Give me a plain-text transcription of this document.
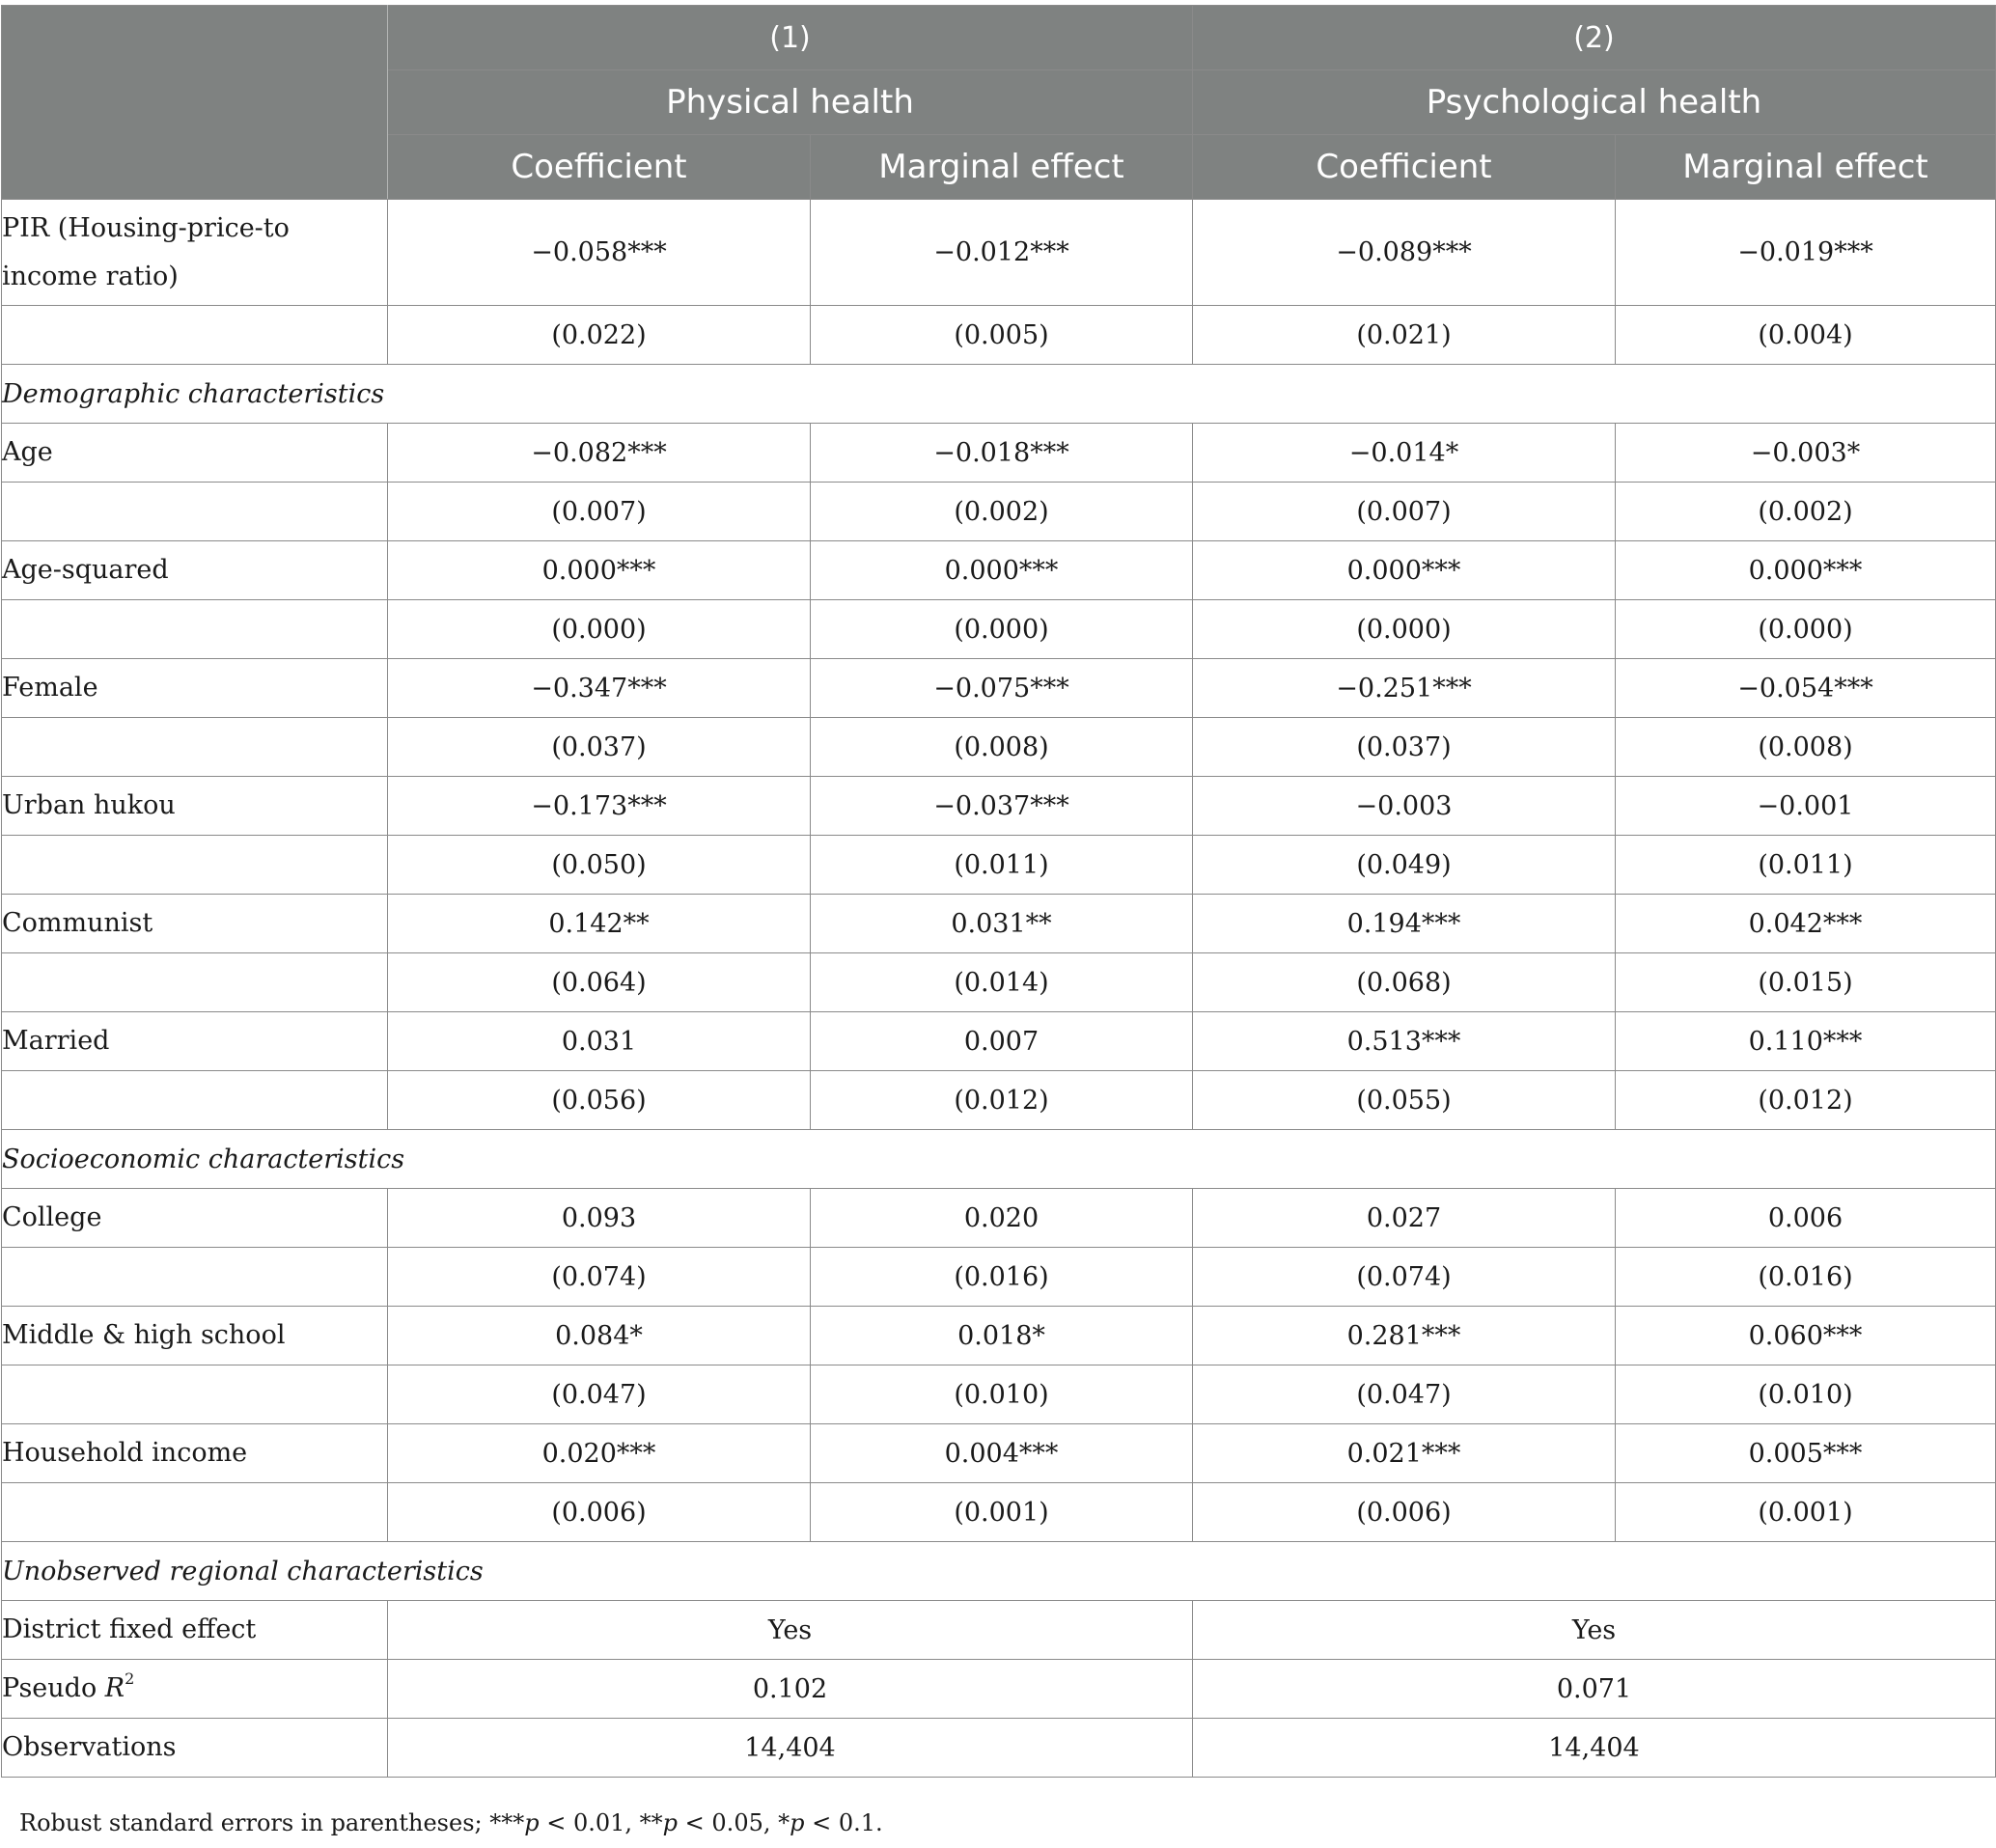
	(1)		(2)	
	Physical health		Psychological health	
	Coefficient	Marginal effect	Coefficient	Marginal effect
PIR (Housing-price-to income ratio)	−0.058***	−0.012***	−0.089***	−0.019***
	(0.022)	(0.005)	(0.021)	(0.004)
Demographic characteristics				
Age	−0.082***	−0.018***	−0.014*	−0.003*
	(0.007)	(0.002)	(0.007)	(0.002)
Age-squared	0.000***	0.000***	0.000***	0.000***
	(0.000)	(0.000)	(0.000)	(0.000)
Female	−0.347***	−0.075***	−0.251***	−0.054***
	(0.037)	(0.008)	(0.037)	(0.008)
Urban hukou	−0.173***	−0.037***	−0.003	−0.001
	(0.050)	(0.011)	(0.049)	(0.011)
Communist	0.142**	0.031**	0.194***	0.042***
	(0.064)	(0.014)	(0.068)	(0.015)
Married	0.031	0.007	0.513***	0.110***
	(0.056)	(0.012)	(0.055)	(0.012)
Socioeconomic characteristics				
College	0.093	0.020	0.027	0.006
	(0.074)	(0.016)	(0.074)	(0.016)
Middle & high school	0.084*	0.018*	0.281***	0.060***
	(0.047)	(0.010)	(0.047)	(0.010)
Household income	0.020***	0.004***	0.021***	0.005***
	(0.006)	(0.001)	(0.006)	(0.001)
Unobserved regional characteristics				
District fixed effect	Yes		Yes	
Pseudo $R^2$	0.102		0.071	
Observations	14,404		14,404	
Robust standard errors in parentheses; ***p < 0.01, **p < 0.05, *p < 0.1.
